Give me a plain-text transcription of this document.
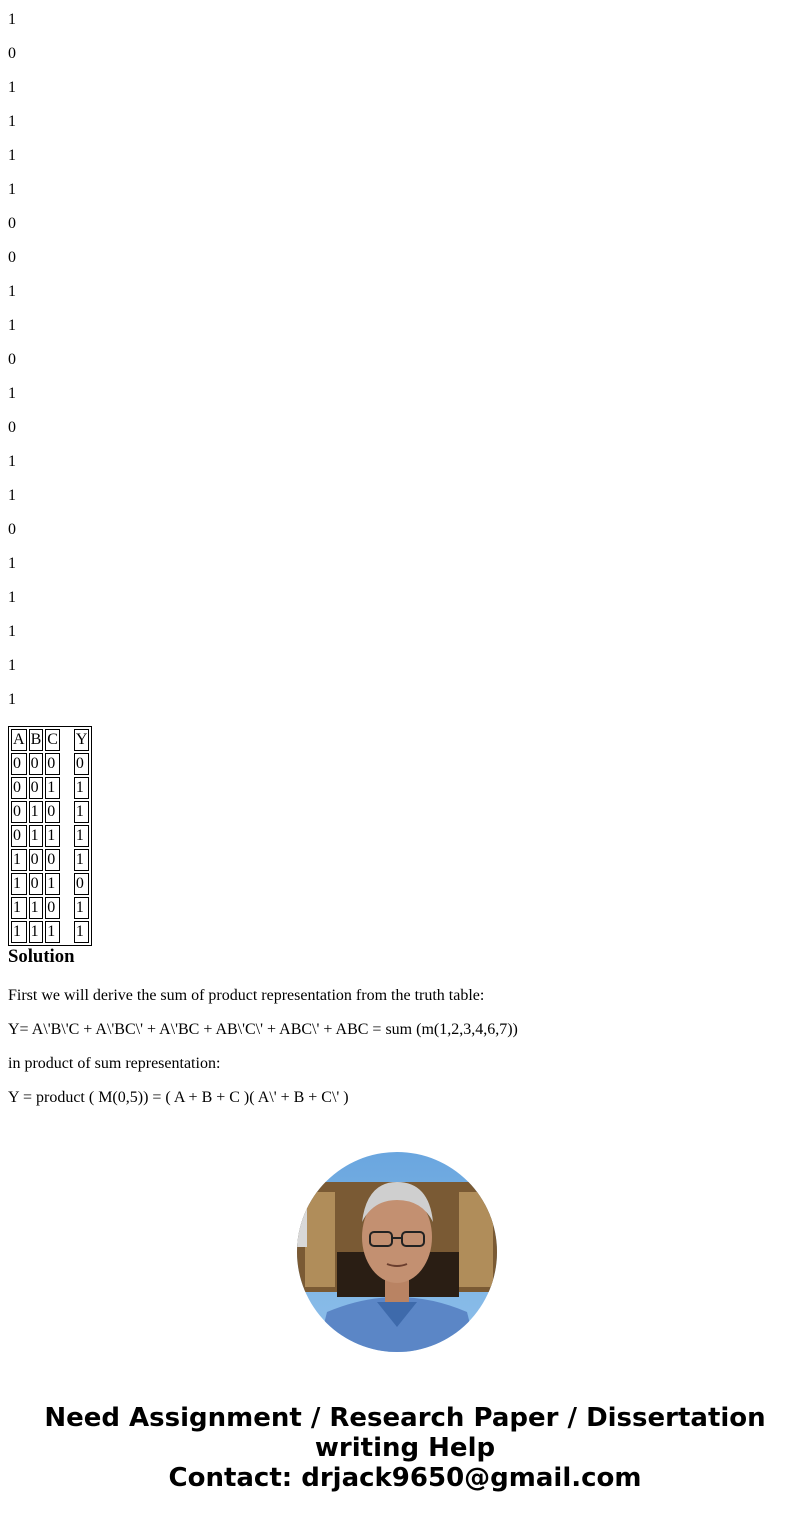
1

0

1

1

1

1

0

0

1

1

0

1

0

1

1

0

1

1

1

1

1

A	B	C		Y
0	0	0		0
0	0	1		1
0	1	0		1
0	1	1		1
1	0	0		1
1	0	1		0
1	1	0		1
1	1	1		1
Solution

First we will derive the sum of product representation from the truth table:

Y= A\'B\'C + A\'BC\' + A\'BC + AB\'C\' + ABC\' + ABC = sum (m(1,2,3,4,6,7))

in product of sum representation:

Y = product ( M(0,5)) = ( A + B + C )( A\' + B + C\' )

Need Assignment / Research Paper / Dissertation
writing Help
Contact: drjack9650@gmail.com
